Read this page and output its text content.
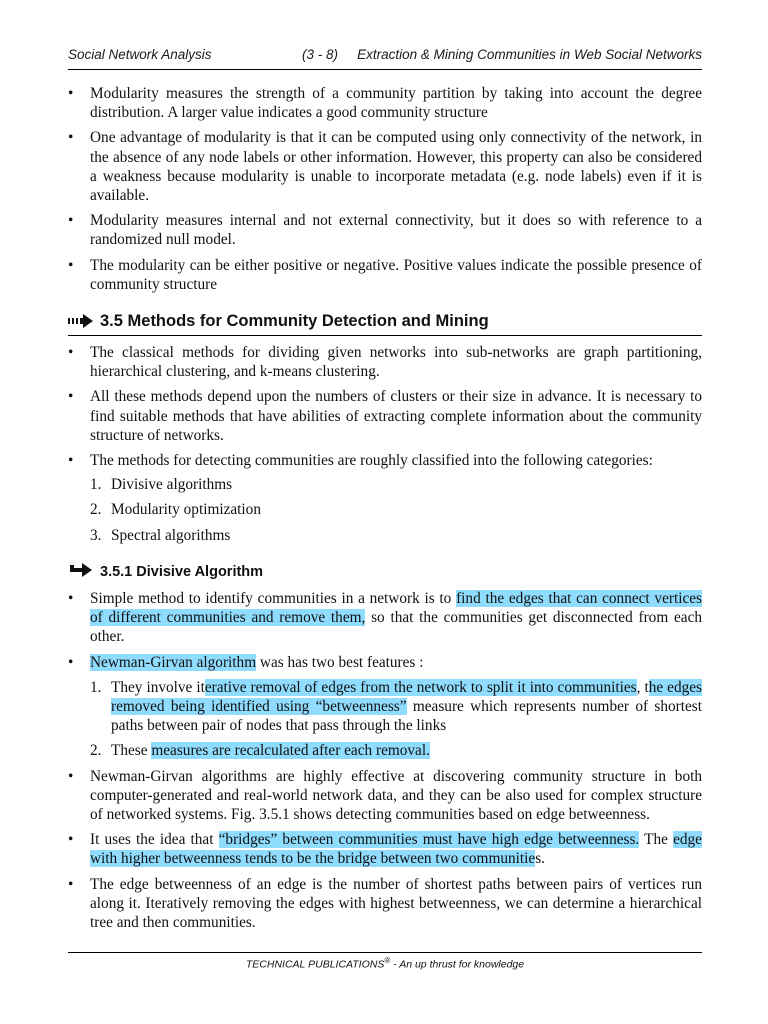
Social Network Analysis	(3 - 8) Extraction & Mining Communities in Web Social Networks
• Modularity measures the strength of a community partition by taking into account the degree distribution. A larger value indicates a good community structure
• One advantage of modularity is that it can be computed using only connectivity of the network, in the absence of any node labels or other information. However, this property can also be considered a weakness because modularity is unable to incorporate metadata (e.g. node labels) even if it is available.
• Modularity measures internal and not external connectivity, but it does so with reference to a randomized null model.
• The modularity can be either positive or negative. Positive values indicate the possible presence of community structure
3.5 Methods for Community Detection and Mining
• The classical methods for dividing given networks into sub-networks are graph partitioning, hierarchical clustering, and k-means clustering.
• All these methods depend upon the numbers of clusters or their size in advance. It is necessary to find suitable methods that have abilities of extracting complete information about the community structure of networks.
• The methods for detecting communities are roughly classified into the following categories:
1. Divisive algorithms
2. Modularity optimization
3. Spectral algorithms
3.5.1 Divisive Algorithm
• Simple method to identify communities in a network is to find the edges that can connect vertices of different communities and remove them, so that the communities get disconnected from each other.
• Newman-Girvan algorithm was has two best features :
1. They involve iterative removal of edges from the network to split it into communities, the edges removed being identified using “betweenness” measure which represents number of shortest paths between pair of nodes that pass through the links
2. These measures are recalculated after each removal.
• Newman-Girvan algorithms are highly effective at discovering community structure in both computer-generated and real-world network data, and they can be also used for complex structure of networked systems. Fig. 3.5.1 shows detecting communities based on edge betweenness.
• It uses the idea that “bridges” between communities must have high edge betweenness. The edge with higher betweenness tends to be the bridge between two communities.
• The edge betweenness of an edge is the number of shortest paths between pairs of vertices run along it. Iteratively removing the edges with highest betweenness, we can determine a hierarchical tree and then communities.
TECHNICAL PUBLICATIONS® - An up thrust for knowledge
